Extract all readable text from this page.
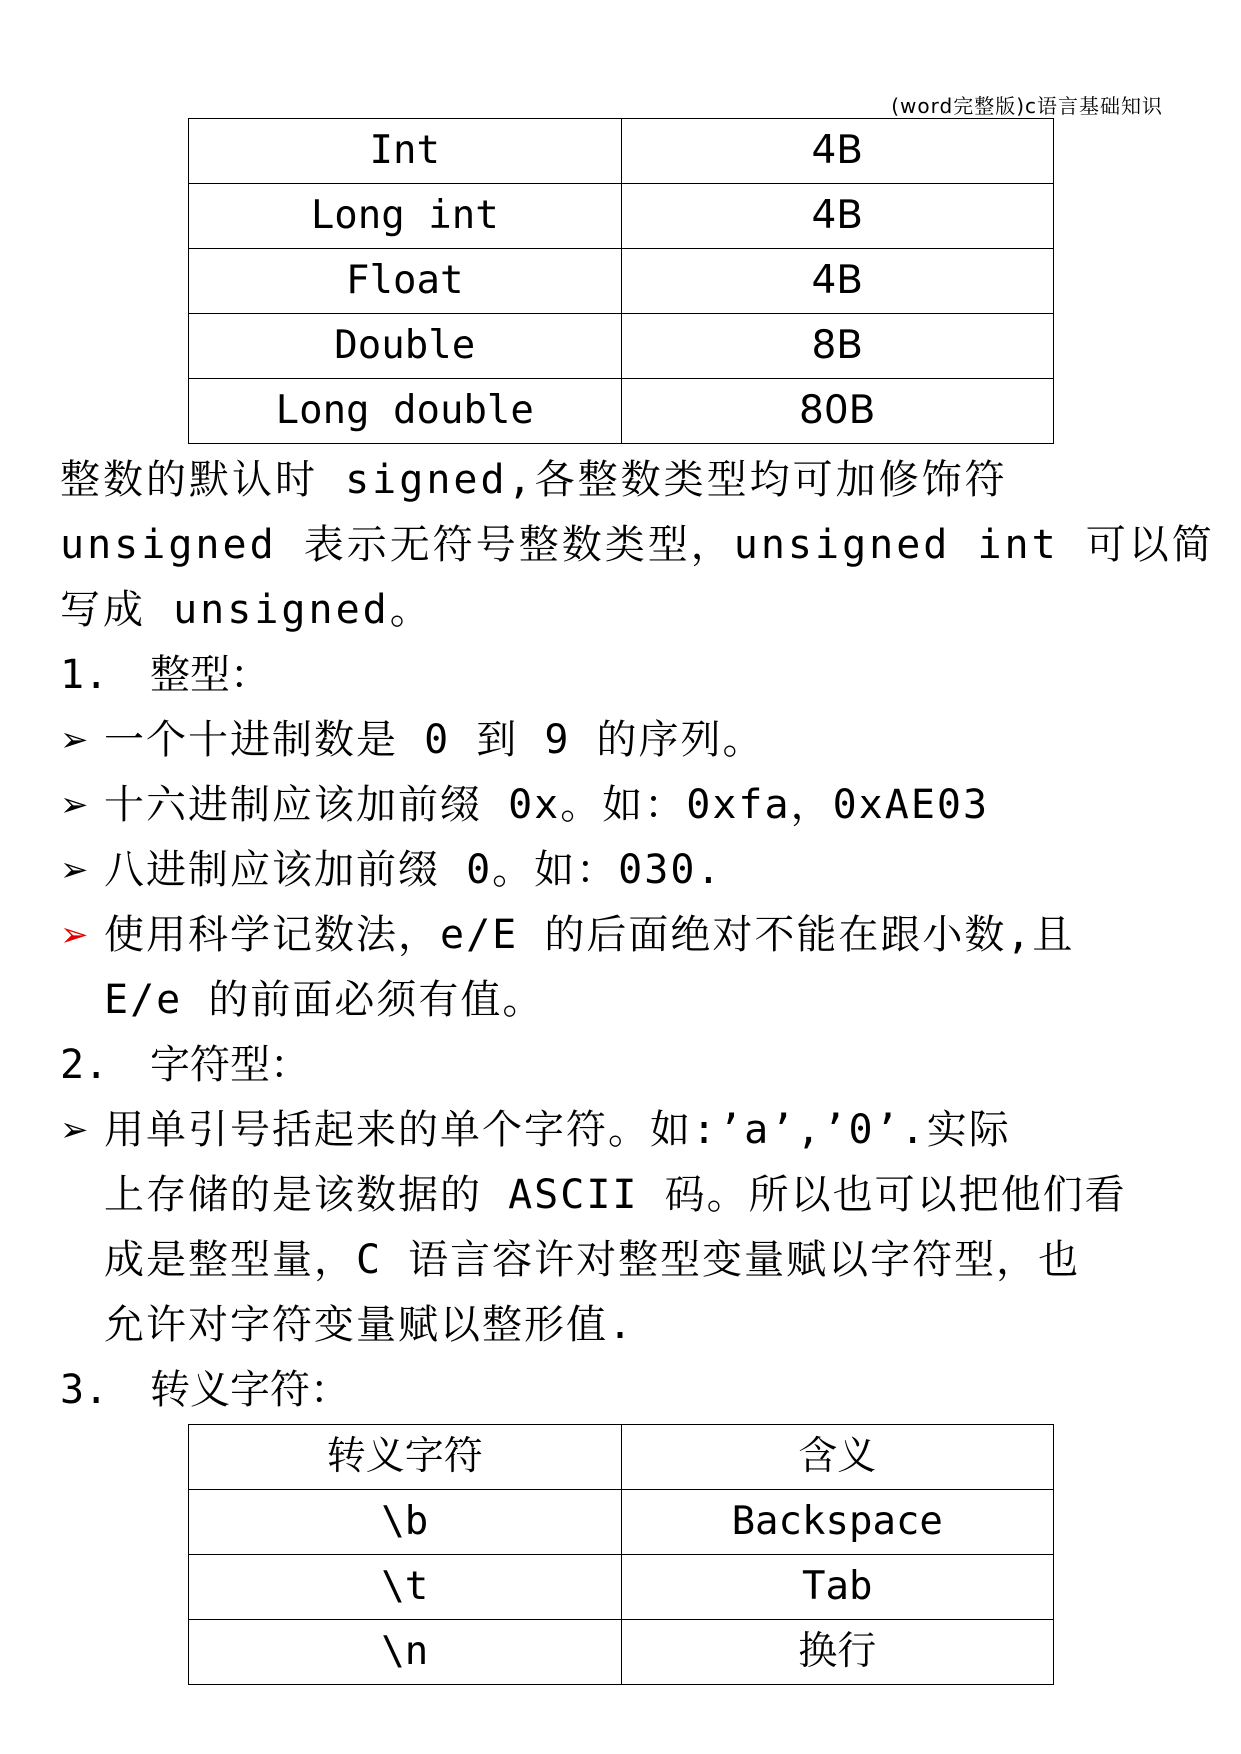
(word完整版)c语言基础知识
Int	4B
Long int	4B
Float	4B
Double	8B
Long double	80B
整数的默认时 signed,各整数类型均可加修饰符
unsigned 表示无符号整数类型，unsigned int 可以简
写成 unsigned。
1. 整型：
➢ 一个十进制数是 0 到 9 的序列。
➢ 十六进制应该加前缀 0x。如：0xfa，0xAE03
➢ 八进制应该加前缀 0。如：030.
➢ 使用科学记数法，e/E 的后面绝对不能在跟小数,且
E/e 的前面必须有值。
2. 字符型：
➢ 用单引号括起来的单个字符。如:’a’,’0’.实际
上存储的是该数据的 ASCII 码。所以也可以把他们看
成是整型量，C 语言容许对整型变量赋以字符型，也
允许对字符变量赋以整形值.
3. 转义字符：
转义字符	含义
\b	Backspace
\t	Tab
\n	换行
